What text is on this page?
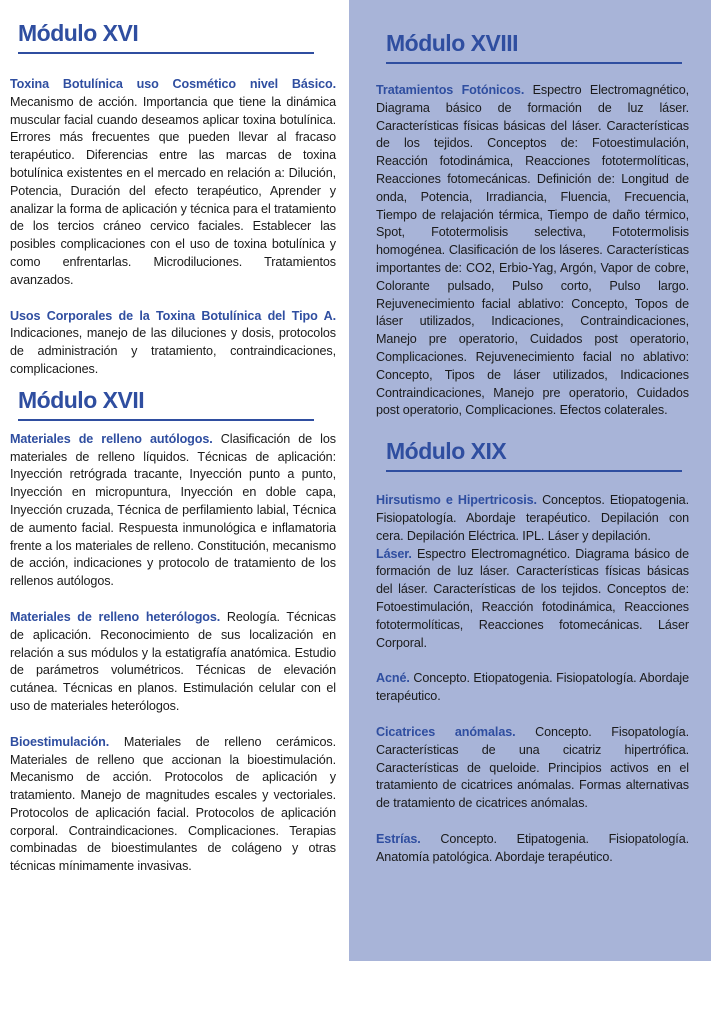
Módulo XVI

Toxina Botulínica uso Cosmético nivel Básico. Mecanismo de acción. Importancia que tiene la dinámica muscular facial cuando deseamos aplicar toxina botulínica. Errores más frecuentes que pueden llevar al fracaso terapéutico. Diferencias entre las marcas de toxina botulínica existentes en el mercado en relación a: Dilución, Potencia, Duración del efecto terapéutico, Aprender y analizar la forma de aplicación y técnica para el tratamiento de los tercios cráneo cervico faciales. Establecer las posibles complicaciones con el uso de toxina botulínica y como enfrentarlas. Microdiluciones. Tratamientos avanzados.

Usos Corporales de la Toxina Botulínica del Tipo A. Indicaciones, manejo de las diluciones y dosis, protocolos de administración y tratamiento, contraindicaciones, complicaciones.

Módulo XVII

Materiales de relleno autólogos. Clasificación de los materiales de relleno líquidos. Técnicas de aplicación: Inyección retrógrada tracante, Inyección punto a punto, Inyección en micropuntura, Inyección en doble capa, Inyección cruzada, Técnica de perfilamiento labial, Técnica de aumento facial. Respuesta inmunológica e inflamatoria frente a los materiales de relleno. Constitución, mecanismo de acción, indicaciones y protocolo de tratamiento de los rellenos autólogos.

Materiales de relleno heterólogos. Reología. Técnicas de aplicación. Reconocimiento de sus localización en relación a sus módulos y la estatigrafía anatómica. Estudio de parámetros volumétricos. Técnicas de elevación cutánea. Técnicas en planos. Estimulación celular con el uso de materiales heterólogos.

Bioestimulación. Materiales de relleno cerámicos. Materiales de relleno que accionan la bioestimulación. Mecanismo de acción. Protocolos de aplicación y tratamiento. Manejo de magnitudes escales y vectoriales. Protocolos de aplicación facial. Protocolos de aplicación corporal. Contraindicaciones. Complicaciones. Terapias combinadas de bioestimulantes de colágeno y otras técnicas mínimamente invasivas.

Módulo XVIII

Tratamientos Fotónicos. Espectro Electromagnético, Diagrama básico de formación de luz láser. Características físicas básicas del láser. Características de los tejidos. Conceptos de: Fotoestimulación, Reacción fotodinámica, Reacciones fototermolíticas, Reacciones fotomecánicas. Definición de: Longitud de onda, Potencia, Irradiancia, Fluencia, Frecuencia, Tiempo de relajación térmica, Tiempo de daño térmico, Spot, Fototermolisis selectiva, Fototermolisis homogénea. Clasificación de los láseres. Características importantes de: CO2, Erbio-Yag, Argón, Vapor de cobre, Colorante pulsado, Pulso corto, Pulso largo. Rejuvenecimiento facial ablativo: Concepto, Topos de láser utilizados, Indicaciones, Contraindicaciones, Manejo pre operatorio, Cuidados post operatorio, Complicaciones. Rejuvenecimiento facial no ablativo: Concepto, Tipos de láser utilizados, Indicaciones Contraindicaciones, Manejo pre operatorio, Cuidados post operatorio, Complicaciones. Efectos colaterales.

Módulo XIX

Hirsutismo e Hipertricosis. Conceptos. Etiopatogenia. Fisiopatología. Abordaje terapéutico. Depilación con cera. Depilación Eléctrica. IPL. Láser y depilación.

Láser. Espectro Electromagnético. Diagrama básico de formación de luz láser. Características físicas básicas del láser. Características de los tejidos. Conceptos de: Fotoestimulación, Reacción fotodinámica, Reacciones fototermolíticas, Reacciones fotomecánicas. Láser Corporal.

Acné. Concepto. Etiopatogenia. Fisiopatología. Abordaje terapéutico.

Cicatrices anómalas. Concepto. Fisopatología. Características de una cicatriz hipertrófica. Características de queloide. Principios activos en el tratamiento de cicatrices anómalas. Formas alternativas de tratamiento de cicatrices anómalas.

Estrías. Concepto. Etipatogenia. Fisiopatología. Anatomía patológica. Abordaje terapéutico.
